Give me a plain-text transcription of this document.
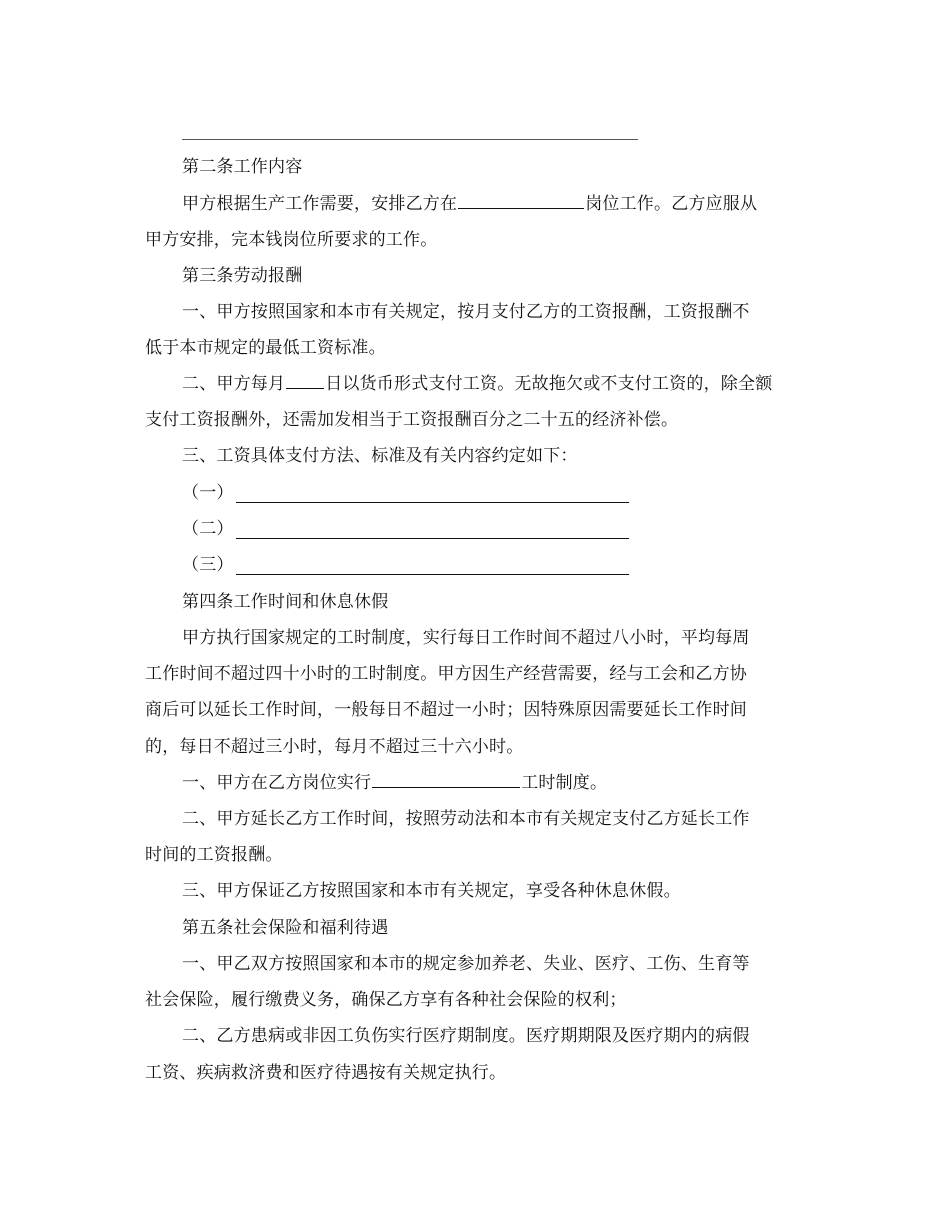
第二条工作内容
甲方根据生产工作需要，安排乙方在	岗位工作。乙方应服从
甲方安排，完本钱岗位所要求的工作。
第三条劳动报酬
一、甲方按照国家和本市有关规定，按月支付乙方的工资报酬，工资报酬不
低于本市规定的最低工资标准。
二、甲方每月 日以货币形式支付工资。无故拖欠或不支付工资的，除全额
支付工资报酬外，还需加发相当于工资报酬百分之二十五的经济补偿。
三、工资具体支付方法、标准及有关内容约定如下：
（一）
（二）
（三）
第四条工作时间和休息休假
甲方执行国家规定的工时制度，实行每日工作时间不超过八小时，平均每周
工作时间不超过四十小时的工时制度。甲方因生产经营需要，经与工会和乙方协
商后可以延长工作时间，一般每日不超过一小时；因特殊原因需要延长工作时间
的，每日不超过三小时，每月不超过三十六小时。
一、甲方在乙方岗位实行	工时制度。
二、甲方延长乙方工作时间，按照劳动法和本市有关规定支付乙方延长工作
时间的工资报酬。
三、甲方保证乙方按照国家和本市有关规定，享受各种休息休假。
第五条社会保险和福利待遇
一、甲乙双方按照国家和本市的规定参加养老、失业、医疗、工伤、生育等
社会保险，履行缴费义务，确保乙方享有各种社会保险的权利；
二、乙方患病或非因工负伤实行医疗期制度。医疗期期限及医疗期内的病假
工资、疾病救济费和医疗待遇按有关规定执行。
